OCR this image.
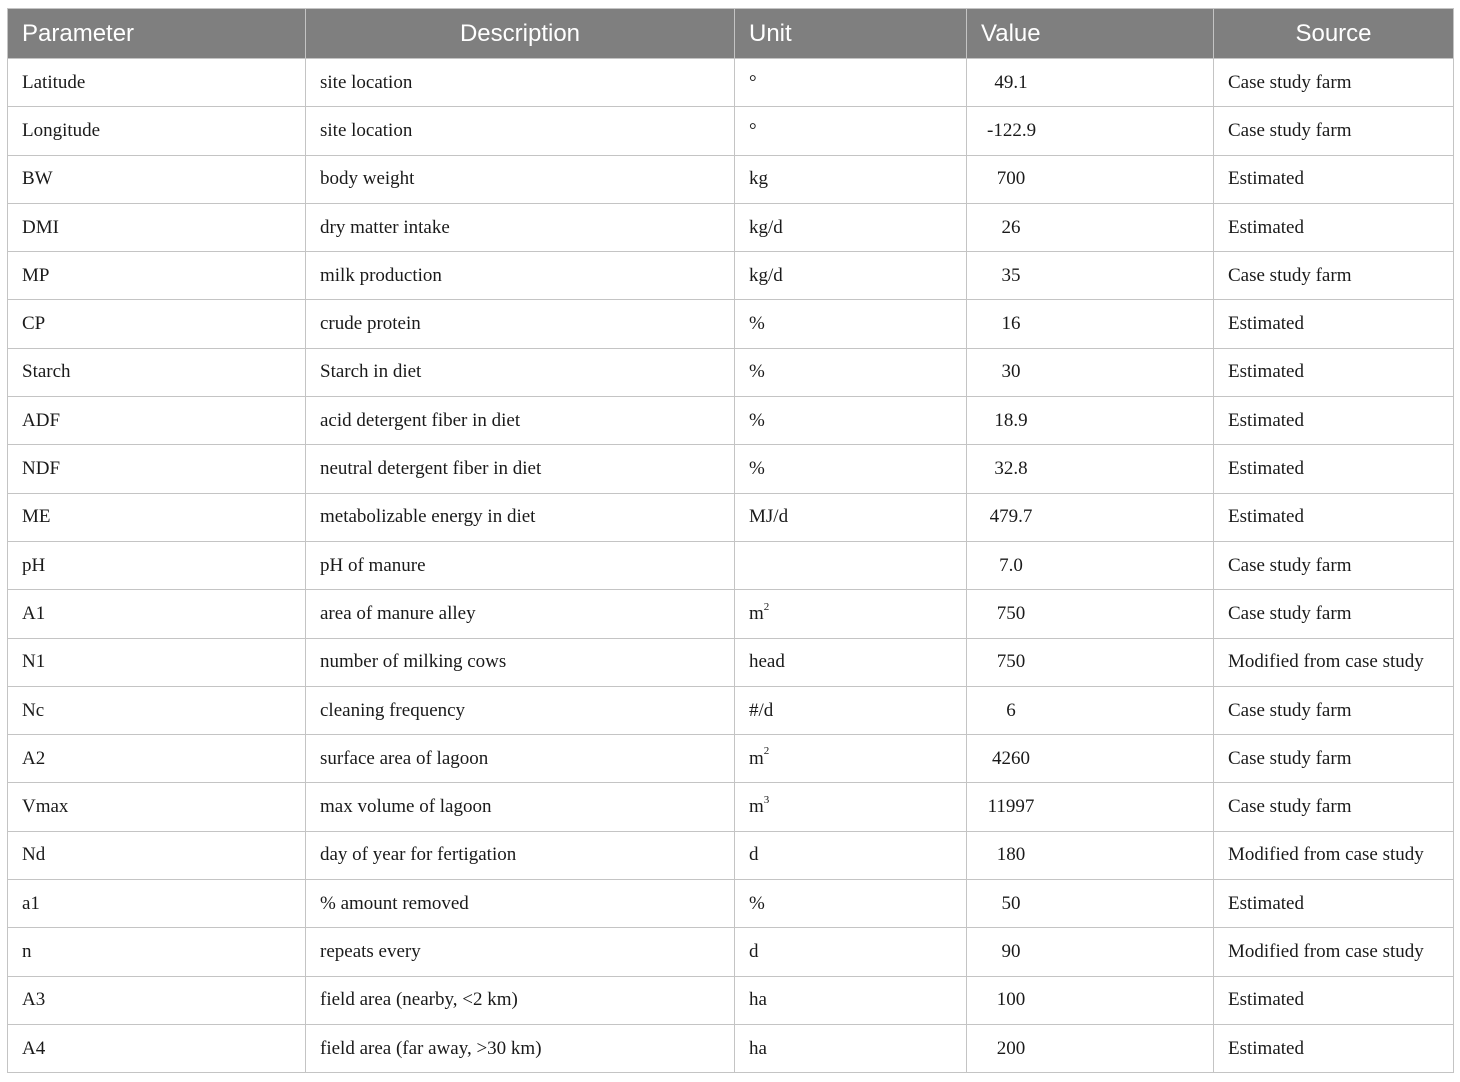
Parameter	Description	Unit	Value	Source
Latitude	site location	°	49.1	Case study farm
Longitude	site location	°	-122.9	Case study farm
BW	body weight	kg	700	Estimated
DMI	dry matter intake	kg/d	26	Estimated
MP	milk production	kg/d	35	Case study farm
CP	crude protein	%	16	Estimated
Starch	Starch in diet	%	30	Estimated
ADF	acid detergent fiber in diet	%	18.9	Estimated
NDF	neutral detergent fiber in diet	%	32.8	Estimated
ME	metabolizable energy in diet	MJ/d	479.7	Estimated
pH	pH of manure		7.0	Case study farm
A1	area of manure alley	$m^2$	750	Case study farm
N1	number of milking cows	head	750	Modified from case study
Nc	cleaning frequency	#/d	6	Case study farm
A2	surface area of lagoon	$m^2$	4260	Case study farm
Vmax	max volume of lagoon	$m^3$	11997	Case study farm
Nd	day of year for fertigation	d	180	Modified from case study
a1	% amount removed	%	50	Estimated
n	repeats every	d	90	Modified from case study
A3	field area (nearby, <2 km)	ha	100	Estimated
A4	field area (far away, >30 km)	ha	200	Estimated
